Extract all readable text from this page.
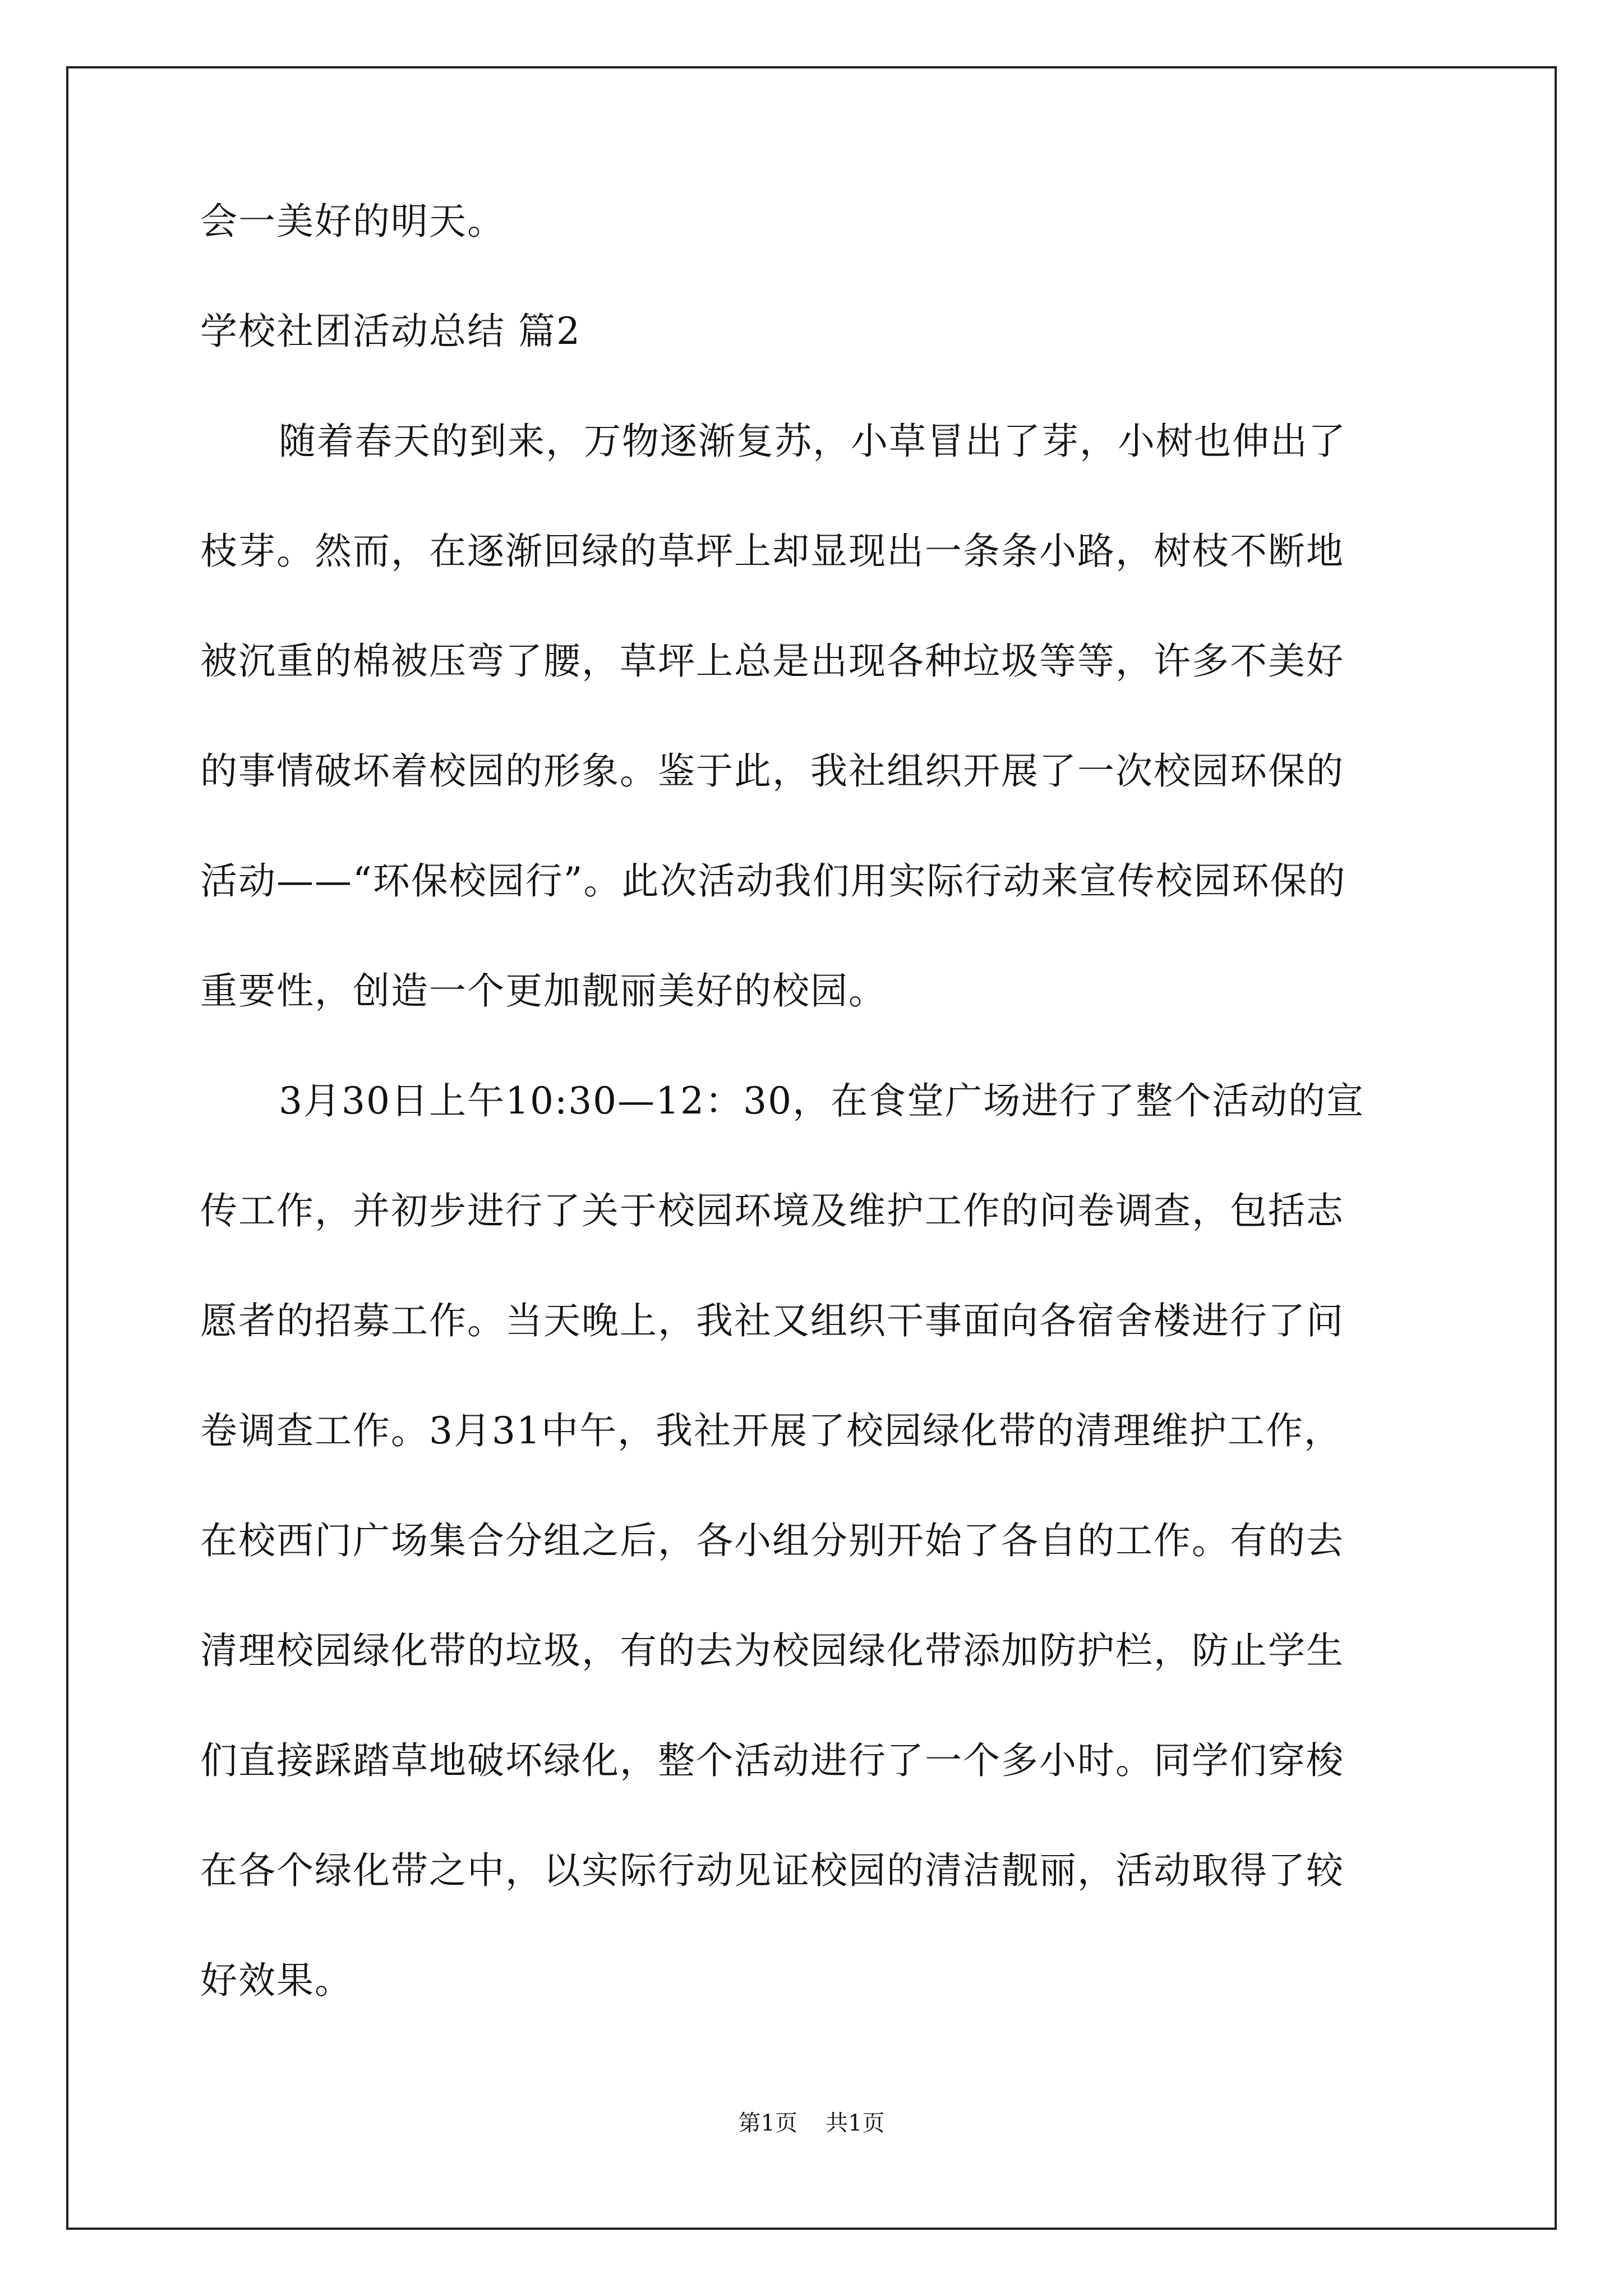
会一美好的明天。
学校社团活动总结 篇2
随着春天的到来，万物逐渐复苏，小草冒出了芽，小树也伸出了
枝芽。然而，在逐渐回绿的草坪上却显现出一条条小路，树枝不断地
被沉重的棉被压弯了腰，草坪上总是出现各种垃圾等等，许多不美好
的事情破坏着校园的形象。鉴于此，我社组织开展了一次校园环保的
活动——“环保校园行”。此次活动我们用实际行动来宣传校园环保的
重要性，创造一个更加靓丽美好的校园。
3月30日上午10:30—12：30，在食堂广场进行了整个活动的宣
传工作，并初步进行了关于校园环境及维护工作的问卷调查，包括志
愿者的招募工作。当天晚上，我社又组织干事面向各宿舍楼进行了问
卷调查工作。3月31中午，我社开展了校园绿化带的清理维护工作，
在校西门广场集合分组之后，各小组分别开始了各自的工作。有的去
清理校园绿化带的垃圾，有的去为校园绿化带添加防护栏，防止学生
们直接踩踏草地破坏绿化，整个活动进行了一个多小时。同学们穿梭
在各个绿化带之中，以实际行动见证校园的清洁靓丽，活动取得了较
好效果。
第1页 共1页
